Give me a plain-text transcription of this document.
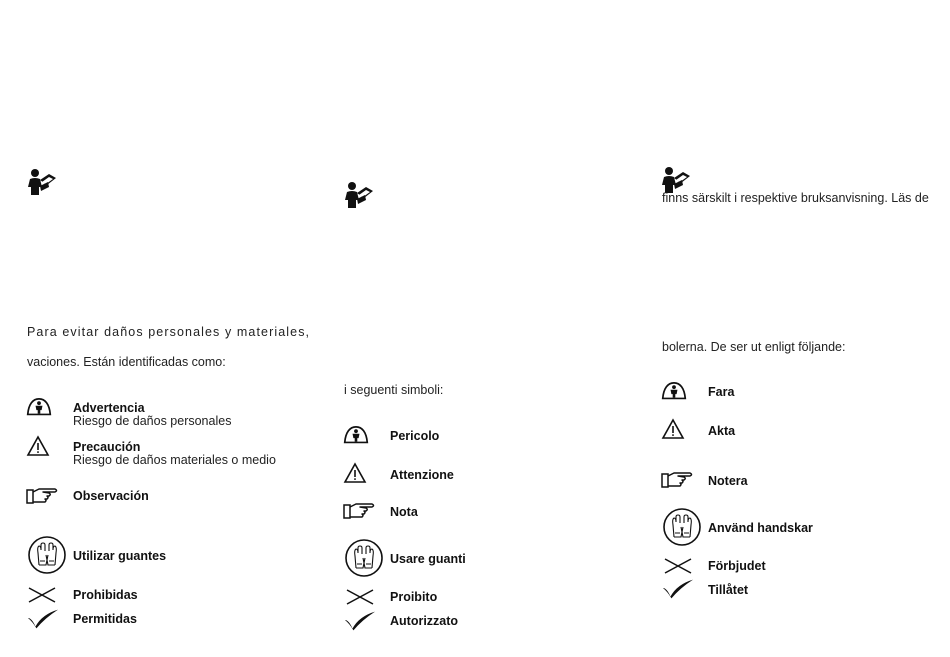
Para evitar daños personales y materiales,
vaciones. Están identificadas como:
Advertencia
Riesgo de daños personales
Precaución
Riesgo de daños materiales o medio
Observación
Utilizar guantes
Prohibidas
Permitidas
i seguenti simboli:
Pericolo
Attenzione
Nota
Usare guanti
Proibito
Autorizzato
finns särskilt i respektive bruksanvisning. Läs de
bolerna. De ser ut enligt följande:
Fara
Akta
Notera
Använd handskar
Förbjudet
Tillåtet
